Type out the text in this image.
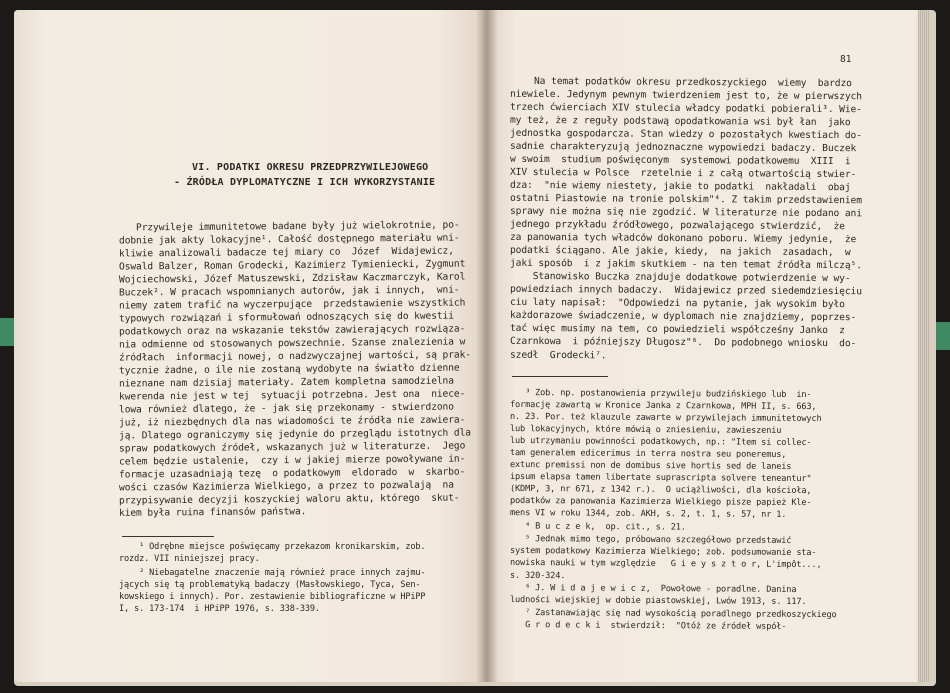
VI. PODATKI OKRESU PRZEDPRZYWILEJOWEGO
- ŹRÓDŁA DYPLOMATYCZNE I ICH WYKORZYSTANIE
Przywileje immunitetowe badane były już wielokrotnie, po-
dobnie jak akty lokacyjne¹. Całość dostępnego materiału wni-
kliwie analizowali badacze tej miary co  Józef  Widajewicz,
Oswald Balzer, Roman Grodecki, Kazimierz Tymieniecki, Zygmunt
Wojciechowski, Józef Matuszewski, Zdzisław Kaczmarczyk, Karol
Buczek². W pracach wspomnianych autorów, jak i innych,  wni-
niemy zatem trafić na wyczerpujące  przedstawienie wszystkich
typowych rozwiązań i sformułowań odnoszących się do kwestii
podatkowych oraz na wskazanie tekstów zawierających rozwiąza-
nia odmienne od stosowanych powszechnie. Szanse znalezienia w
źródłach  informacji nowej, o nadzwyczajnej wartości, są prak-
tycznie żadne, o ile nie zostaną wydobyte na światło dzienne
nieznane nam dzisiaj materiały. Zatem kompletna samodzielna
kwerenda nie jest w tej  sytuacji potrzebna. Jest ona  niece-
lowa również dlatego, że - jak się przekonamy - stwierdzono
już, iż niezbędnych dla nas wiadomości te źródła nie zawiera-
ją. Dlatego ograniczymy się jedynie do przeglądu istotnych dla
spraw podatkowych źródeł, wskazanych już w literaturze.  Jego
celem będzie ustalenie,  czy i w jakiej mierze powoływane in-
formacje uzasadniają tezę  o podatkowym  eldorado  w  skarbo-
wości czasów Kazimierza Wielkiego, a przez to pozwalają  na
przypisywanie decyzji koszyckiej waloru aktu, którego  skut-
kiem była ruina finansów państwa.
¹ Odrębne miejsce poświęcamy przekazom kronikarskim, zob.
rozdz. VII niniejszej pracy.
² Niebagatelne znaczenie mają również prace innych zajmu-
jących się tą problematyką badaczy (Masłowskiego, Tyca, Sen-
kowskiego i innych). Por. zestawienie bibliograficzne w HPiPP
I, s. 173-174  i HPiPP 1976, s. 338-339.
81
Na temat podatków okresu przedkoszyckiego  wiemy  bardzo
niewiele. Jedynym pewnym twierdzeniem jest to, że w pierwszych
trzech ćwierciach XIV stulecia władcy podatki pobierali³. Wie-
my też, że z reguły podstawą opodatkowania wsi był łan  jako
jednostka gospodarcza. Stan wiedzy o pozostałych kwestiach do-
sadnie charakteryzują jednoznaczne wypowiedzi badaczy. Buczek
w swoim  studium poświęconym  systemowi podatkowemu  XIII  i
XIV stulecia w Polsce  rzetelnie i z całą otwartością stwier-
dza:  "nie wiemy niestety, jakie to podatki  nakładali  obaj
ostatni Piastowie na tronie polskim"⁴. Z takim przedstawieniem
sprawy nie można się nie zgodzić. W literaturze nie podano ani
jednego przykładu źródłowego, pozwalającego stwierdzić,  że
za panowania tych władców dokonano poboru. Wiemy jedynie,  że
podatki ściągano. Ale jakie, kiedy,  na jakich  zasadach,  w
jaki sposób  i z jakim skutkiem - na ten temat źródła milczą⁵.
Stanowisko Buczka znajduje dodatkowe potwierdzenie w wy-
powiedziach innych badaczy.  Widajewicz przed siedemdziesięciu
ciu laty napisał:  "Odpowiedzi na pytanie, jak wysokim było
każdorazowe świadczenie, w dyplomach nie znajdziemy, poprzes-
tać więc musimy na tem, co powiedzieli współcześny Janko  z
Czarnkowa  i późniejszy Długosz"⁶.  Do podobnego wniosku  do-
szedł  Grodecki⁷.
³ Zob. np. postanowienia przywileju budzińskiego lub  in-
formację zawartą w Kronice Janka z Czarnkowa, MPH II, s. 663,
n. 23. Por. też klauzule zawarte w przywilejach immunitetowych
lub lokacyjnych, które mówią o zniesieniu, zawieszeniu
lub utrzymaniu powinności podatkowych, np.: "Item si collec-
tam generalem edicerimus in terra nostra seu poneremus,
extunc premissi non de domibus sive hortis sed de laneis
ipsum elapsa tamen libertate suprascripta solvere teneantur"
(KDMP, 3, nr 671, z 1342 r.).  O uciążliwości, dla kościoła,
podatków za panowania Kazimierza Wielkiego pisze papież Kle-
mens VI w roku 1344, zob. AKH, s. 2, t. 1, s. 57, nr 1.
⁴ B u c z e k,  op. cit., s. 21.
⁵ Jednak mimo tego, próbowano szczegółowo przedstawić
system podatkowy Kazimierza Wielkiego; zob. podsumowanie sta-
nowiska nauki w tym względzie   G i e y s z t o r, L'impôt...,
s. 320-324.
⁶ J. W i d a j e w i c z,  Powołowe - poradlne. Danina
ludności wiejskiej w dobie piastowskiej, Lwów 1913, s. 117.
⁷ Zastanawiając się nad wysokością poradlnego przedkoszyckiego
G r o d e c k i  stwierdził:  "Otóż ze źródeł współ-
